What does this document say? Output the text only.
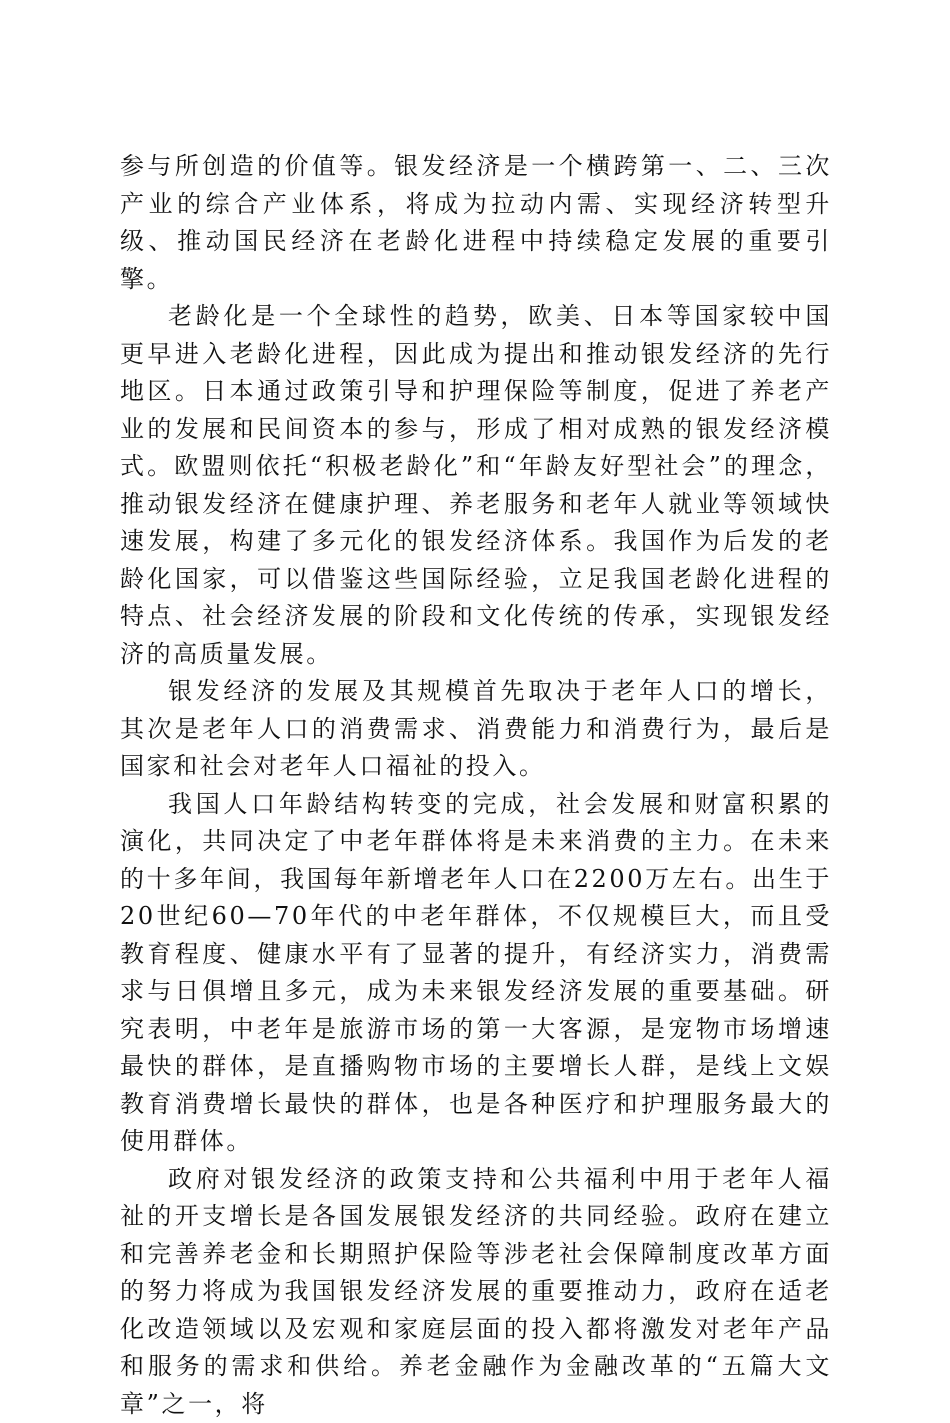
参与所创造的价值等。银发经济是一个横跨第一、二、三次产业的综合产业体系，将成为拉动内需、实现经济转型升级、推动国民经济在老龄化进程中持续稳定发展的重要引擎。

老龄化是一个全球性的趋势，欧美、日本等国家较中国更早进入老龄化进程，因此成为提出和推动银发经济的先行地区。日本通过政策引导和护理保险等制度，促进了养老产业的发展和民间资本的参与，形成了相对成熟的银发经济模式。欧盟则依托“积极老龄化”和“年龄友好型社会”的理念，推动银发经济在健康护理、养老服务和老年人就业等领域快速发展，构建了多元化的银发经济体系。我国作为后发的老龄化国家，可以借鉴这些国际经验，立足我国老龄化进程的特点、社会经济发展的阶段和文化传统的传承，实现银发经济的高质量发展。

银发经济的发展及其规模首先取决于老年人口的增长，其次是老年人口的消费需求、消费能力和消费行为，最后是国家和社会对老年人口福祉的投入。

我国人口年龄结构转变的完成，社会发展和财富积累的演化，共同决定了中老年群体将是未来消费的主力。在未来的十多年间，我国每年新增老年人口在2200万左右。出生于20世纪60—70年代的中老年群体，不仅规模巨大，而且受教育程度、健康水平有了显著的提升，有经济实力，消费需求与日俱增且多元，成为未来银发经济发展的重要基础。研究表明，中老年是旅游市场的第一大客源，是宠物市场增速最快的群体，是直播购物市场的主要增长人群，是线上文娱教育消费增长最快的群体，也是各种医疗和护理服务最大的使用群体。

政府对银发经济的政策支持和公共福利中用于老年人福祉的开支增长是各国发展银发经济的共同经验。政府在建立和完善养老金和长期照护保险等涉老社会保障制度改革方面的努力将成为我国银发经济发展的重要推动力，政府在适老化改造领域以及宏观和家庭层面的投入都将激发对老年产品和服务的需求和供给。养老金融作为金融改革的“五篇大文章”之一，将
